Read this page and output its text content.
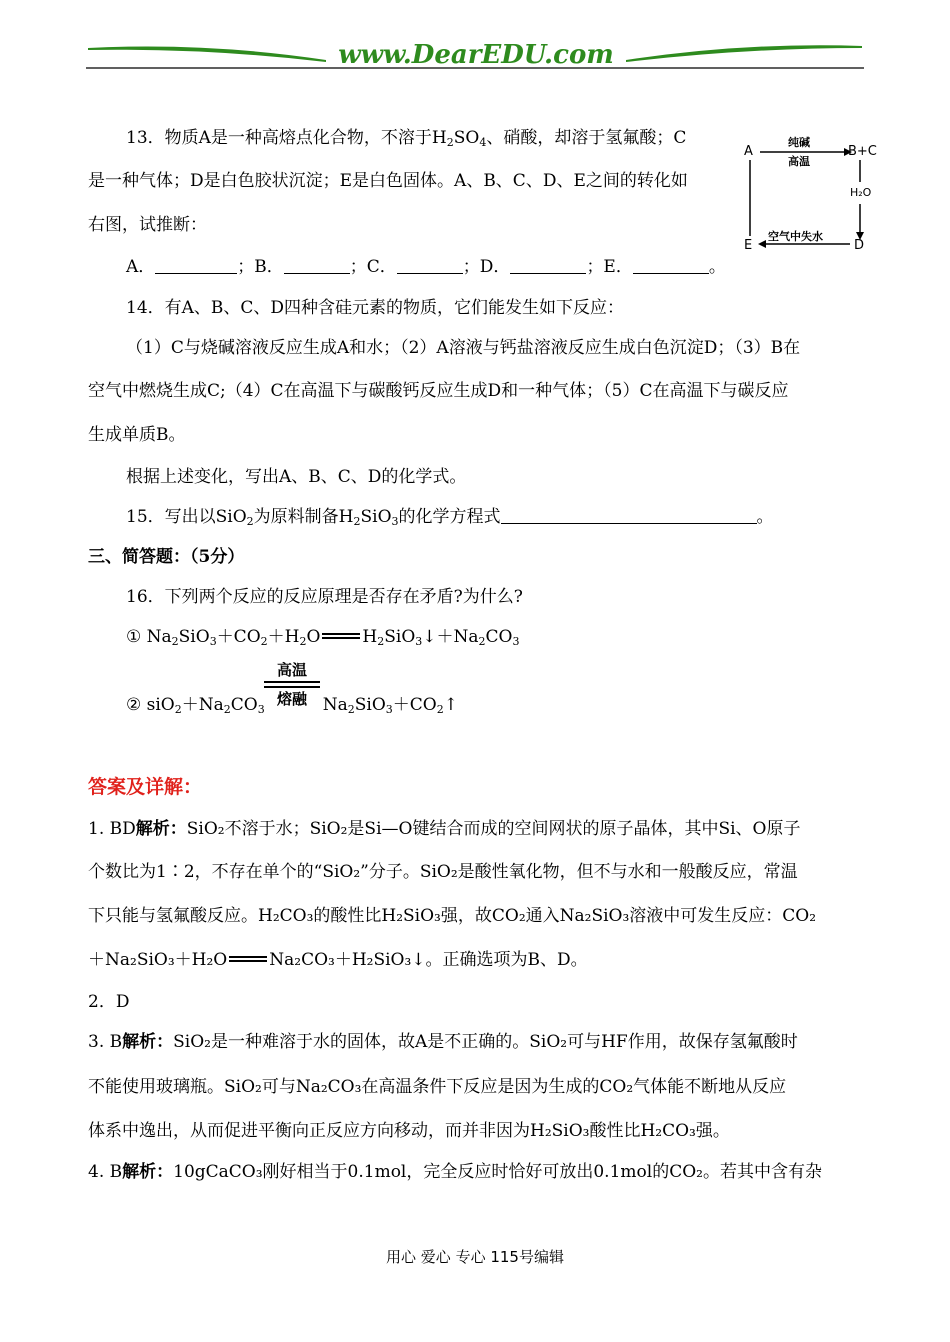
www.DearEDU.com
13．物质A是一种高熔点化合物，不溶于$H_2SO_4$、硝酸，却溶于氢氟酸；C
是一种气体；D是白色胶状沉淀；E是白色固体。A、B、C、D、E之间的转化如
右图，试推断：
A．	；B．	；C．	；D．	；E．	。
A	B+C
D
E
纯碱
高温
H₂O
空气中失水
14．有A、B、C、D四种含硅元素的物质，它们能发生如下反应：
（1）C与烧碱溶液反应生成A和水；（2）A溶液与钙盐溶液反应生成白色沉淀D；（3）B在
空气中燃烧生成C;（4）C在高温下与碳酸钙反应生成D和一种气体；（5）C在高温下与碳反应
生成单质B。
根据上述变化，写出A、B、C、D的化学式。
15．写出以SiO$_2$为原料制备$H_2SiO_3$的化学方程式	。
三、简答题：（5分）
16．下列两个反应的反应原理是否存在矛盾?为什么?
① $Na_2SiO_3+CO_2+H_2O$ $H_2SiO_3↓+Na_2CO_3$
② $siO_2+Na_2CO_3$	$Na_2SiO_3+CO_2↑$
高温
熔融
答案及详解：
1. BD解析：SiO₂不溶于水；SiO₂是Si—O键结合而成的空间网状的原子晶体，其中Si、O原子
个数比为1∶2，不存在单个的“SiO₂”分子。SiO₂是酸性氧化物，但不与水和一般酸反应，常温
下只能与氢氟酸反应。H₂CO₃的酸性比H₂SiO₃强，故CO₂通入Na₂SiO₃溶液中可发生反应：CO₂
＋Na₂SiO₃＋H₂O Na₂CO₃＋H₂SiO₃↓。正确选项为B、D。
2．D
3. B解析：SiO₂是一种难溶于水的固体，故A是不正确的。SiO₂可与HF作用，故保存氢氟酸时
不能使用玻璃瓶。SiO₂可与Na₂CO₃在高温条件下反应是因为生成的CO₂气体能不断地从反应
体系中逸出，从而促进平衡向正反应方向移动，而并非因为H₂SiO₃酸性比H₂CO₃强。
4. B解析：10gCaCO₃刚好相当于0.1mol，完全反应时恰好可放出0.1mol的CO₂。若其中含有杂
用心 爱心 专心 115号编辑
